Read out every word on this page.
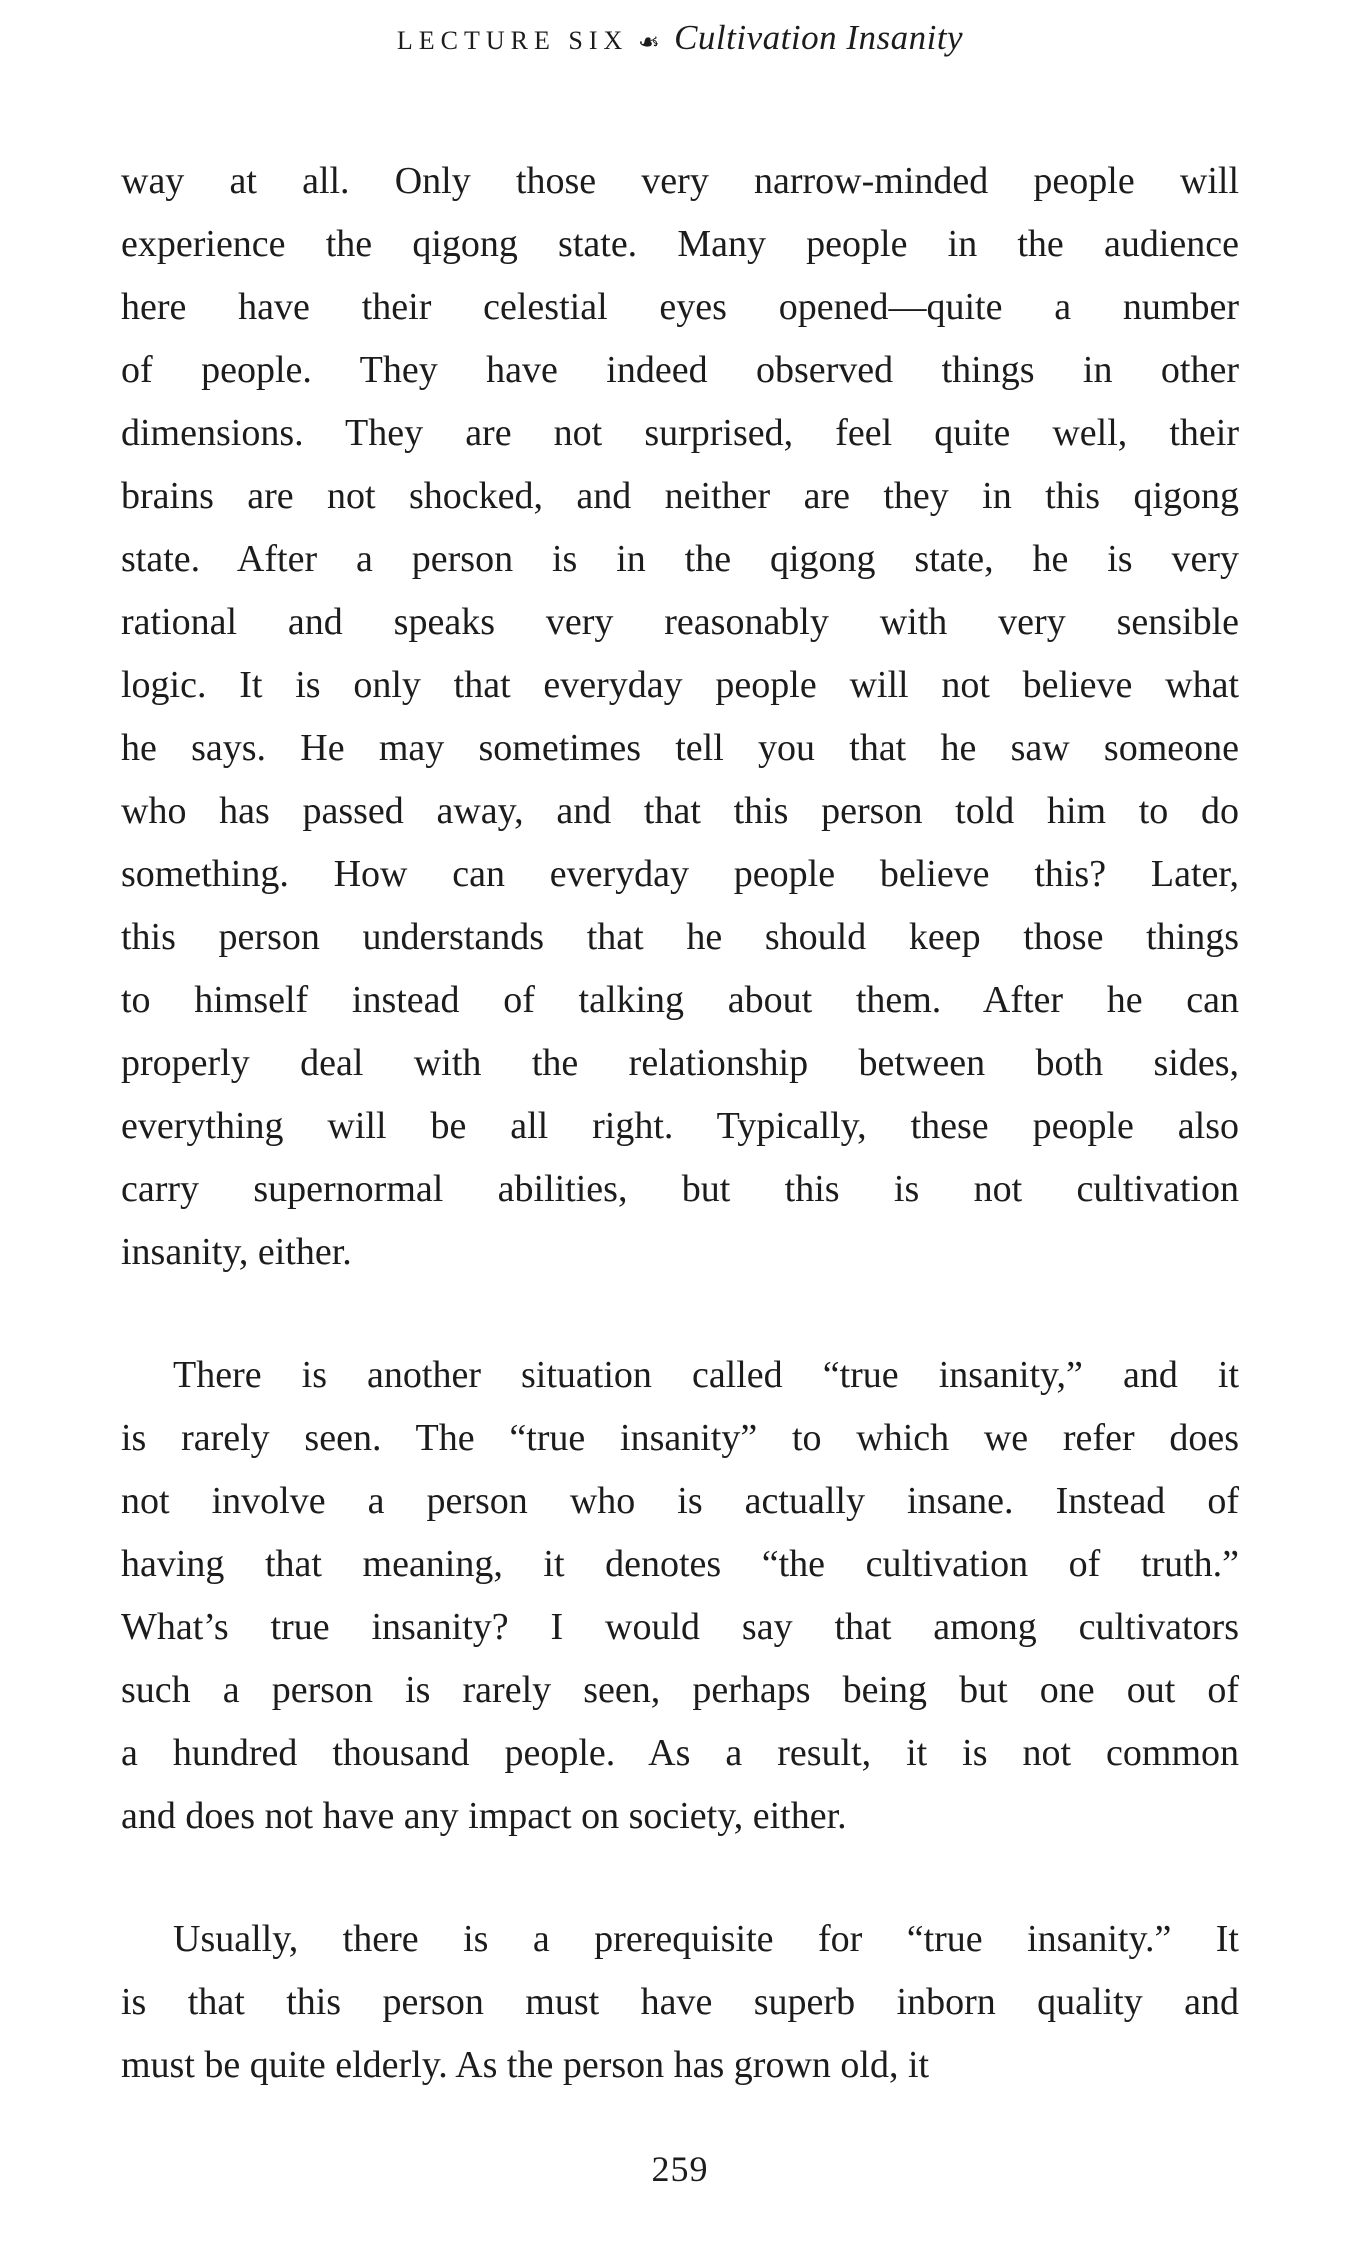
LECTURE SIX ❧ Cultivation Insanity
way at all. Only those very narrow-minded people will
experience the qigong state. Many people in the audience
here have their celestial eyes opened—quite a number
of people. They have indeed observed things in other
dimensions. They are not surprised, feel quite well, their
brains are not shocked, and neither are they in this qigong
state. After a person is in the qigong state, he is very
rational and speaks very reasonably with very sensible
logic. It is only that everyday people will not believe what
he says. He may sometimes tell you that he saw someone
who has passed away, and that this person told him to do
something. How can everyday people believe this? Later,
this person understands that he should keep those things
to himself instead of talking about them. After he can
properly deal with the relationship between both sides,
everything will be all right. Typically, these people also
carry supernormal abilities, but this is not cultivation
insanity, either.
There is another situation called “true insanity,” and it
is rarely seen. The “true insanity” to which we refer does
not involve a person who is actually insane. Instead of
having that meaning, it denotes “the cultivation of truth.”
What’s true insanity? I would say that among cultivators
such a person is rarely seen, perhaps being but one out of
a hundred thousand people. As a result, it is not common
and does not have any impact on society, either.
Usually, there is a prerequisite for “true insanity.” It
is that this person must have superb inborn quality and
must be quite elderly. As the person has grown old, it
259
